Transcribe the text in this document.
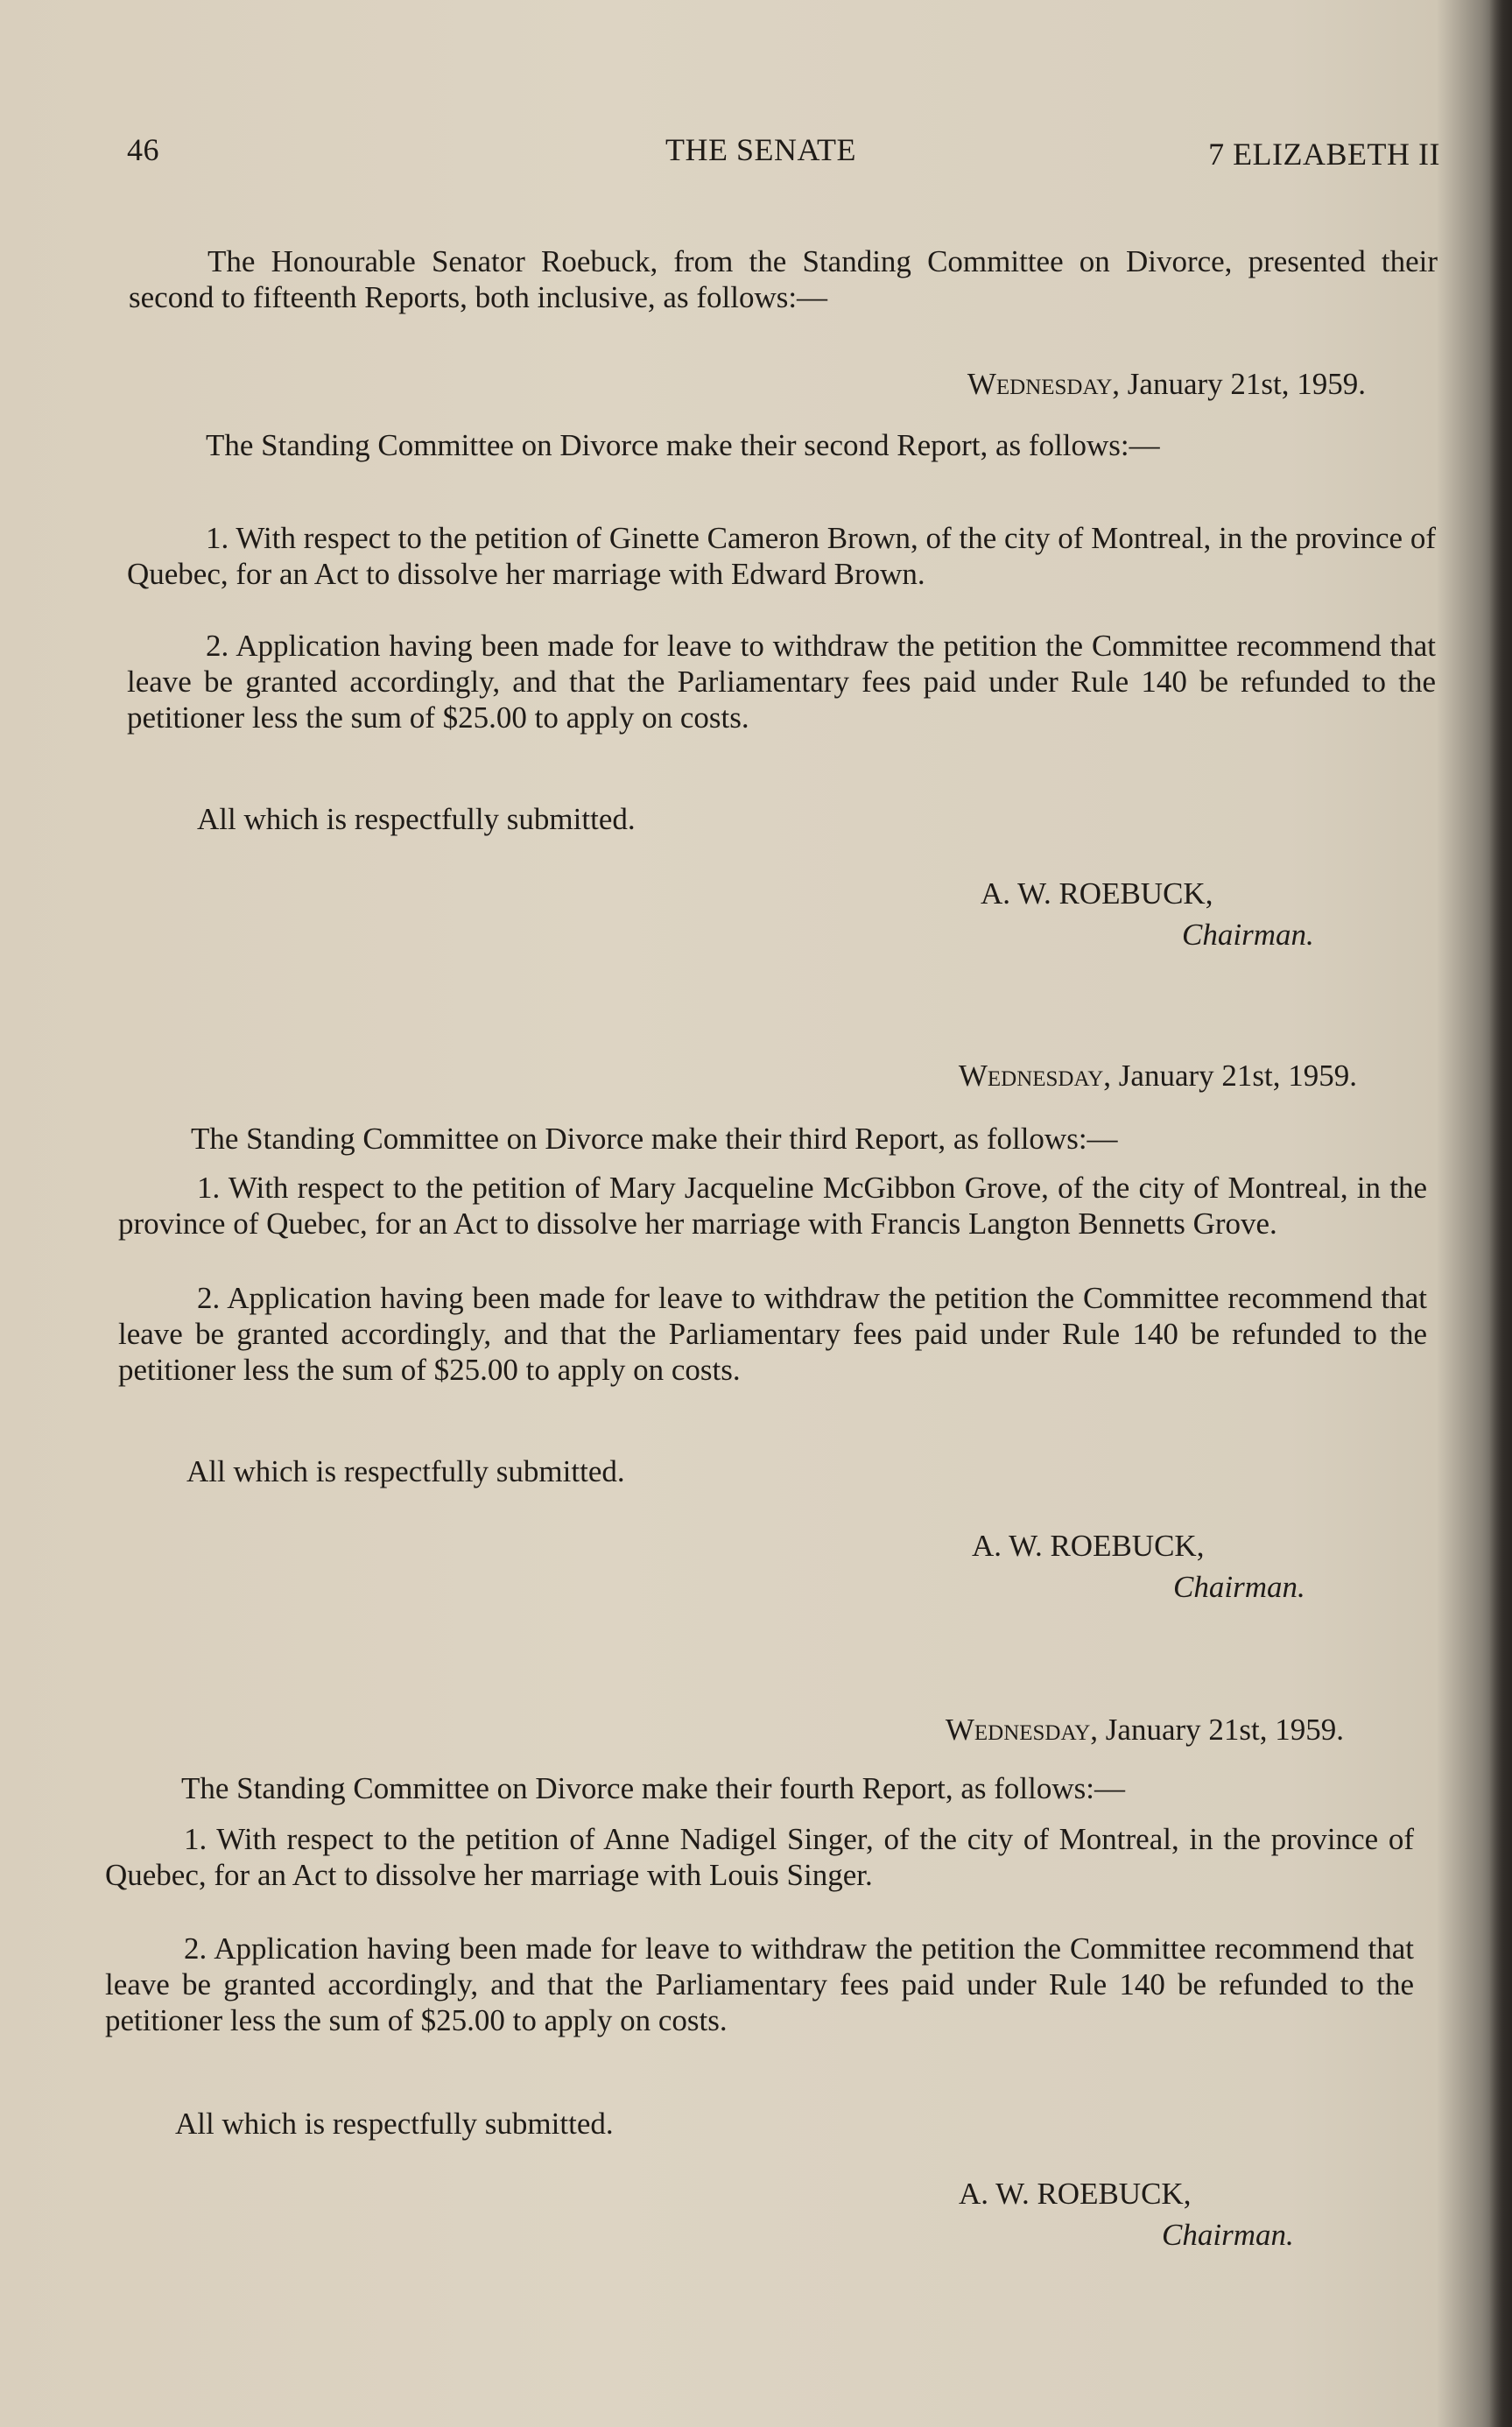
46	THE SENATE	7 ELIZABETH II
The Honourable Senator Roebuck, from the Standing Committee on Divorce, presented their second to fifteenth Reports, both inclusive, as follows:—
Wednesday, January 21st, 1959.
The Standing Committee on Divorce make their second Report, as follows:—
1. With respect to the petition of Ginette Cameron Brown, of the city of Montreal, in the province of Quebec, for an Act to dissolve her marriage with Edward Brown.
2. Application having been made for leave to withdraw the petition the Committee recommend that leave be granted accordingly, and that the Parliamentary fees paid under Rule 140 be refunded to the petitioner less the sum of $25.00 to apply on costs.
All which is respectfully submitted.
A. W. ROEBUCK,
Chairman.
Wednesday, January 21st, 1959.
The Standing Committee on Divorce make their third Report, as follows:—
1. With respect to the petition of Mary Jacqueline McGibbon Grove, of the city of Montreal, in the province of Quebec, for an Act to dissolve her marriage with Francis Langton Bennetts Grove.
2. Application having been made for leave to withdraw the petition the Committee recommend that leave be granted accordingly, and that the Parliamentary fees paid under Rule 140 be refunded to the petitioner less the sum of $25.00 to apply on costs.
All which is respectfully submitted.
A. W. ROEBUCK,
Chairman.
Wednesday, January 21st, 1959.
The Standing Committee on Divorce make their fourth Report, as follows:—
1. With respect to the petition of Anne Nadigel Singer, of the city of Montreal, in the province of Quebec, for an Act to dissolve her marriage with Louis Singer.
2. Application having been made for leave to withdraw the petition the Committee recommend that leave be granted accordingly, and that the Parliamentary fees paid under Rule 140 be refunded to the petitioner less the sum of $25.00 to apply on costs.
All which is respectfully submitted.
A. W. ROEBUCK,
Chairman.
